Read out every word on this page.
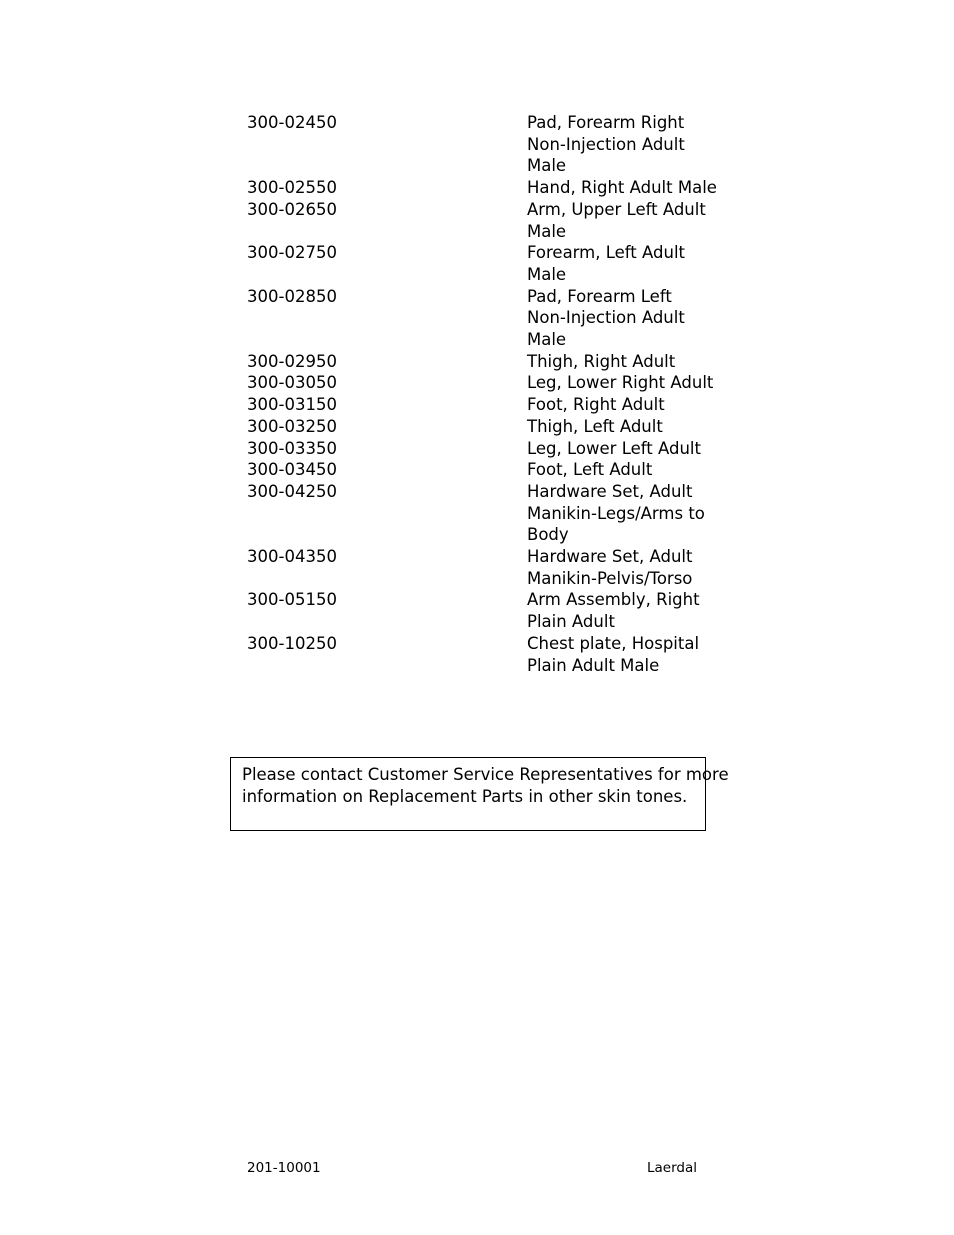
300-02450	Pad, Forearm Right
Non-Injection Adult
Male
300-02550	Hand, Right Adult Male
300-02650	Arm, Upper Left Adult
Male
300-02750	Forearm, Left Adult
Male
300-02850	Pad, Forearm Left
Non-Injection Adult
Male
300-02950	Thigh, Right Adult
300-03050	Leg, Lower Right Adult
300-03150	Foot, Right Adult
300-03250	Thigh, Left Adult
300-03350	Leg, Lower Left Adult
300-03450	Foot, Left Adult
300-04250	Hardware Set, Adult
Manikin-Legs/Arms to
Body
300-04350	Hardware Set, Adult
Manikin-Pelvis/Torso
300-05150	Arm Assembly, Right
Plain Adult
300-10250	Chest plate, Hospital
Plain Adult Male
Please contact Customer Service Representatives for more
information on Replacement Parts in other skin tones.
201-10001	Laerdal
